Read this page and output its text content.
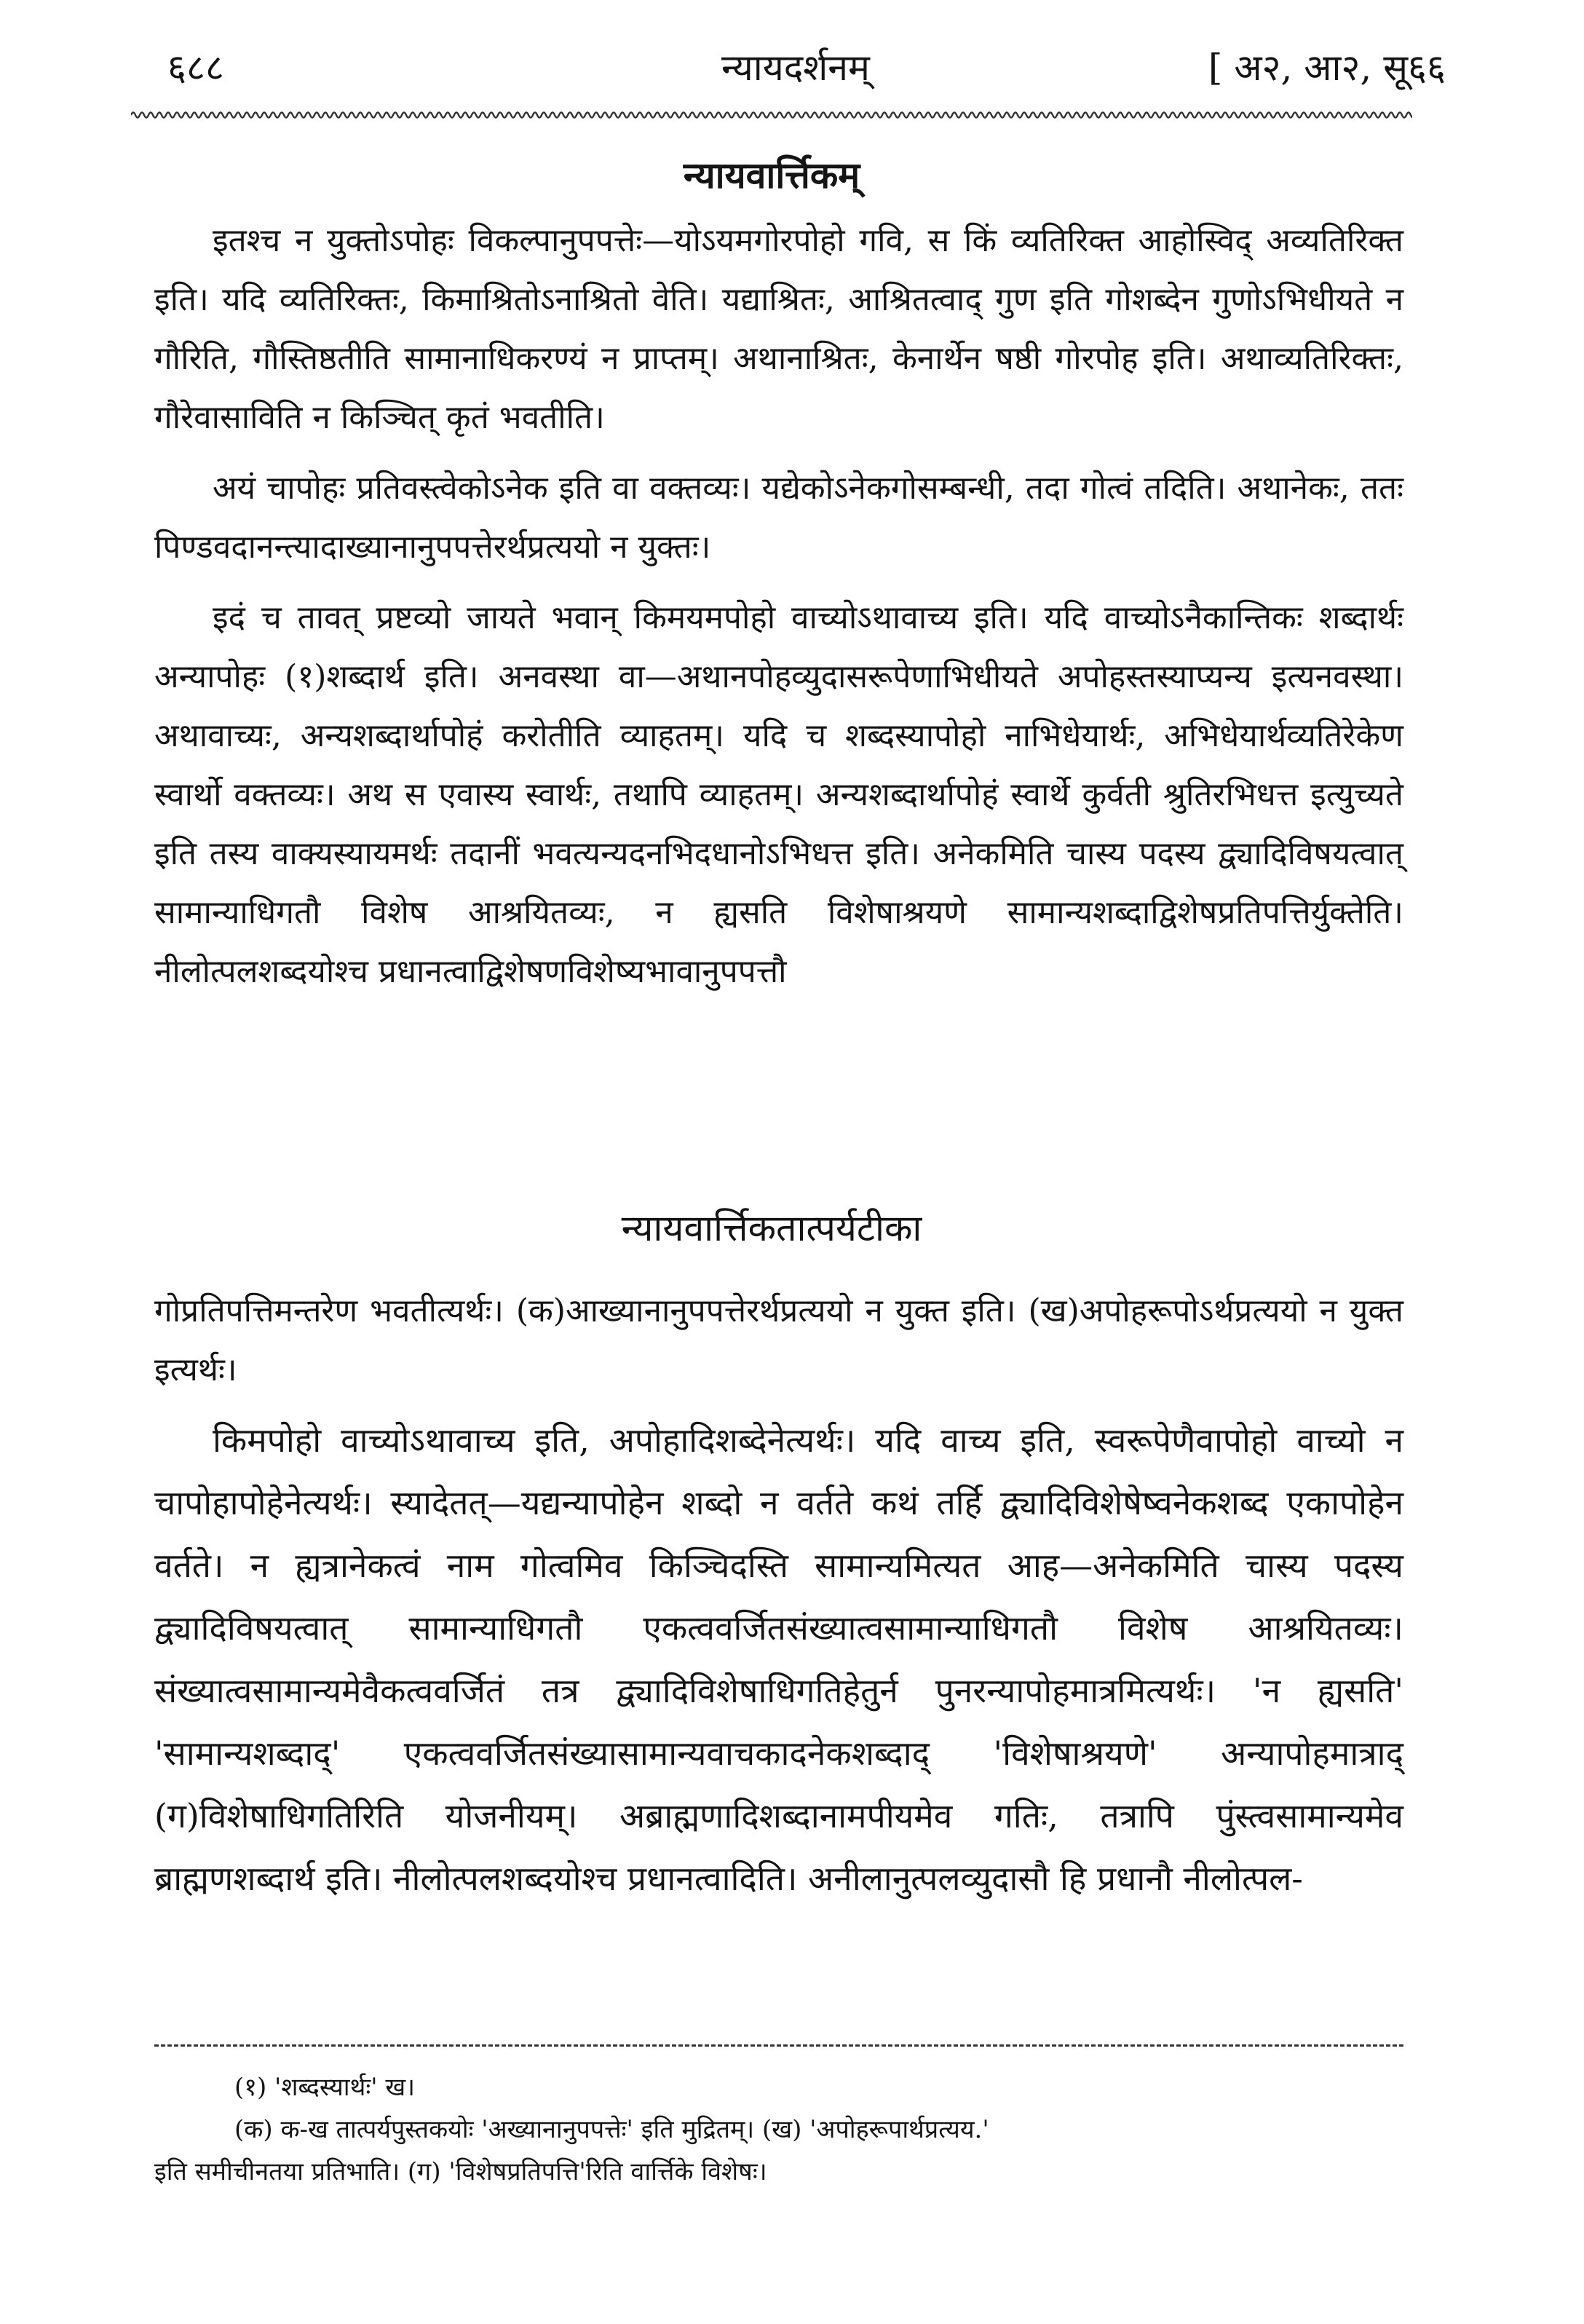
६८८	न्यायदर्शनम्	[ अ२, आ२, सू६६
न्यायवार्त्तिकम्

इतश्च न युक्तोऽपोहः विकल्पानुपपत्तेः—योऽयमगोरपोहो गवि, स किं व्यतिरिक्त आहोस्विद् अव्यतिरिक्त इति। यदि व्यतिरिक्तः, किमाश्रितोऽनाश्रितो वेति। यद्याश्रितः, आश्रितत्वाद् गुण इति गोशब्देन गुणोऽभिधीयते न गौरिति, गौस्तिष्ठतीति सामानाधिकरण्यं न प्राप्तम्। अथानाश्रितः, केनार्थेन षष्ठी गोरपोह इति। अथाव्यतिरिक्तः, गौरेवासाविति न किञ्चित् कृतं भवतीति।

अयं चापोहः प्रतिवस्त्वेकोऽनेक इति वा वक्तव्यः। यद्येकोऽनेकगोसम्बन्धी, तदा गोत्वं तदिति। अथानेकः, ततः पिण्डवदानन्त्यादाख्यानानुपपत्तेरर्थप्रत्ययो न युक्तः।

इदं च तावत् प्रष्टव्यो जायते भवान् किमयमपोहो वाच्योऽथावाच्य इति। यदि वाच्योऽनैकान्तिकः शब्दार्थः अन्यापोहः (१)शब्दार्थ इति। अनवस्था वा—अथानपोहव्युदासरूपेणाभिधीयते अपोहस्तस्याप्यन्य इत्यनवस्था। अथावाच्यः, अन्यशब्दार्थापोहं करोतीति व्याहतम्। यदि च शब्दस्यापोहो नाभिधेयार्थः, अभिधेयार्थव्यतिरेकेण स्वार्थो वक्तव्यः। अथ स एवास्य स्वार्थः, तथापि व्याहतम्। अन्यशब्दार्थापोहं स्वार्थे कुर्वती श्रुतिरभिधत्त इत्युच्यते इति तस्य वाक्यस्यायमर्थः तदानीं भवत्यन्यदनभिदधानोऽभिधत्त इति। अनेकमिति चास्य पदस्य द्व्यादिविषयत्वात् सामान्याधिगतौ विशेष आश्रयितव्यः, न ह्यसति विशेषाश्रयणे सामान्यशब्दाद्विशेषप्रतिपत्तिर्युक्तेति। नीलोत्पलशब्दयोश्च प्रधानत्वाद्विशेषणविशेष्यभावानुपपत्तौ

न्यायवार्त्तिकतात्पर्यटीका

गोप्रतिपत्तिमन्तरेण भवतीत्यर्थः। (क)आख्यानानुपपत्तेरर्थप्रत्ययो न युक्त इति। (ख)अपोहरूपोऽर्थप्रत्ययो न युक्त इत्यर्थः।

किमपोहो वाच्योऽथावाच्य इति, अपोहादिशब्देनेत्यर्थः। यदि वाच्य इति, स्वरूपेणैवापोहो वाच्यो न चापोहापोहेनेत्यर्थः। स्यादेतत्—यद्यन्यापोहेन शब्दो न वर्तते कथं तर्हि द्व्यादिविशेषेष्वनेकशब्द एकापोहेन वर्तते। न ह्यत्रानेकत्वं नाम गोत्वमिव किञ्चिदस्ति सामान्यमित्यत आह—अनेकमिति चास्य पदस्य द्व्यादिविषयत्वात् सामान्याधिगतौ एकत्ववर्जितसंख्यात्वसामान्याधिगतौ विशेष आश्रयितव्यः। संख्यात्वसामान्यमेवैकत्ववर्जितं तत्र द्व्यादिविशेषाधिगतिहेतुर्न पुनरन्यापोहमात्रमित्यर्थः। 'न ह्यसति' 'सामान्यशब्दाद्' एकत्ववर्जितसंख्यासामान्यवाचकादनेकशब्दाद् 'विशेषाश्रयणे' अन्यापोहमात्राद् (ग)विशेषाधिगतिरिति योजनीयम्। अब्राह्मणादिशब्दानामपीयमेव गतिः, तत्रापि पुंस्त्वसामान्यमेव ब्राह्मणशब्दार्थ इति। नीलोत्पलशब्दयोश्च प्रधानत्वादिति। अनीलानुत्पलव्युदासौ हि प्रधानौ नीलोत्पल-

(१) 'शब्दस्यार्थः' ख।

(क) क-ख तात्पर्यपुस्तकयोः 'अख्यानानुपपत्तेः' इति मुद्रितम्। (ख) 'अपोहरूपार्थप्रत्यय.'

इति समीचीनतया प्रतिभाति। (ग) 'विशेषप्रतिपत्ति'रिति वार्त्तिके विशेषः।
